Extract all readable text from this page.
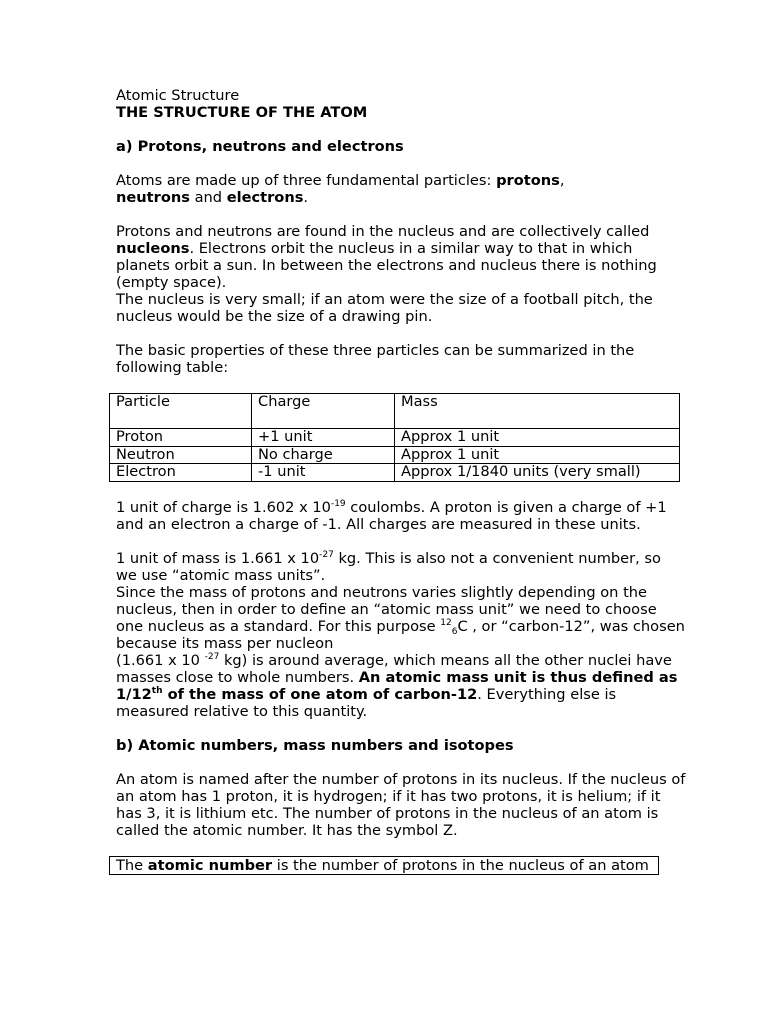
Atomic Structure

THE STRUCTURE OF THE ATOM

a) Protons, neutrons and electrons

Atoms are made up of three fundamental particles: protons,
neutrons and electrons.

Protons and neutrons are found in the nucleus and are collectively called nucleons. Electrons orbit the nucleus in a similar way to that in which planets orbit a sun. In between the electrons and nucleus there is nothing (empty space).

The nucleus is very small; if an atom were the size of a football pitch, the nucleus would be the size of a drawing pin.

The basic properties of these three particles can be summarized in the following table:

Particle	Charge	Mass
Proton	+1 unit	Approx 1 unit
Neutron	No charge	Approx 1 unit
Electron	-1 unit	Approx 1/1840 units (very small)

1 unit of charge is 1.602 x $10^{-19}$ coulombs. A proton is given a charge of +1 and an electron a charge of -1. All charges are measured in these units.

1 unit of mass is 1.661 x $10^{-27}$ kg. This is also not a convenient number, so we use “atomic mass units”.

Since the mass of protons and neutrons varies slightly depending on the nucleus, then in order to define an “atomic mass unit” we need to choose one nucleus as a standard. For this purpose $^{12}_6$C , or “carbon-12”, was chosen because its mass per nucleon
(1.661 x 10 $^{-27}$ kg) is around average, which means all the other nuclei have masses close to whole numbers. An atomic mass unit is thus defined as 1/12th of the mass of one atom of carbon-12. Everything else is measured relative to this quantity.

b) Atomic numbers, mass numbers and isotopes

An atom is named after the number of protons in its nucleus. If the nucleus of an atom has 1 proton, it is hydrogen; if it has two protons, it is helium; if it has 3, it is lithium etc. The number of protons in the nucleus of an atom is called the atomic number. It has the symbol Z.

The atomic number is the number of protons in the nucleus of an atom
